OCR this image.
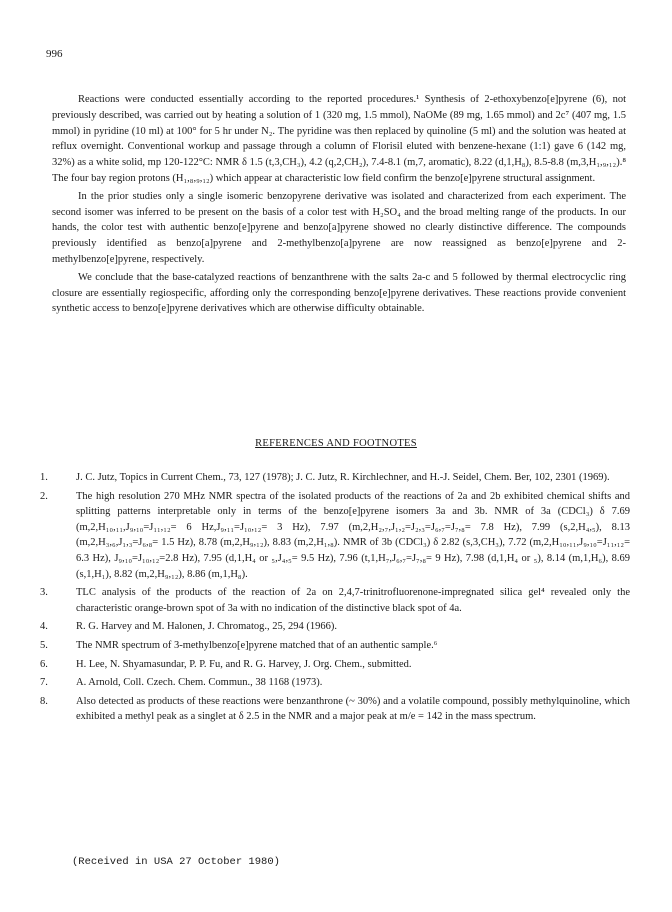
996

Reactions were conducted essentially according to the reported procedures.¹ Synthesis of 2-ethoxybenzo[e]pyrene (6), not previously described, was carried out by heating a solution of 1 (320 mg, 1.5 mmol), NaOMe (89 mg, 1.65 mmol) and 2c⁷ (407 mg, 1.5 mmol) in pyridine (10 ml) at 100° for 5 hr under N₂. The pyridine was then replaced by quinoline (5 ml) and the solution was heated at reflux overnight. Conventional workup and passage through a column of Florisil eluted with benzene-hexane (1:1) gave 6 (142 mg, 32%) as a white solid, mp 120-122°C: NMR δ 1.5 (t,3,CH₃), 4.2 (q,2,CH₂), 7.4-8.1 (m,7, aromatic), 8.22 (d,1,H₈), 8.5-8.8 (m,3,H₁,₉,₁₂).⁸ The four bay region protons (H₁,₈,₉,₁₂) which appear at characteristic low field confirm the benzo[e]pyrene structural assignment.

In the prior studies only a single isomeric benzopyrene derivative was isolated and characterized from each experiment. The second isomer was inferred to be present on the basis of a color test with H₂SO₄ and the broad melting range of the products. In our hands, the color test with authentic benzo[e]pyrene and benzo[a]pyrene showed no clearly distinctive difference. The compounds previously identified as benzo[a]pyrene and 2-methylbenzo[a]pyrene are now reassigned as benzo[e]pyrene and 2-methylbenzo[e]pyrene, respectively.

We conclude that the base-catalyzed reactions of benzanthrene with the salts 2a-c and 5 followed by thermal electrocyclic ring closure are essentially regiospecific, affording only the corresponding benzo[e]pyrene derivatives. These reactions provide convenient synthetic access to benzo[e]pyrene derivatives which are otherwise difficulty obtainable.

REFERENCES AND FOOTNOTES
1.	J. C. Jutz, Topics in Current Chem., 73, 127 (1978); J. C. Jutz, R. Kirchlechner, and H.-J. Seidel, Chem. Ber, 102, 2301 (1969).
2.	The high resolution 270 MHz NMR spectra of the isolated products of the reactions of 2a and 2b exhibited chemical shifts and splitting patterns interpretable only in terms of the benzo[e]pyrene isomers 3a and 3b. NMR of 3a (CDCl₃) δ 7.69 (m,2,H₁₀,₁₁,J₉,₁₀=J₁₁,₁₂= 6 Hz,J₉,₁₁=J₁₀,₁₂= 3 Hz), 7.97 (m,2,H₂,₇,J₁,₂=J₂,₃=J₆,₇=J₇,₈= 7.8 Hz), 7.99 (s,2,H₄,₅), 8.13 (m,2,H₃,₆,J₁,₃=J₆,₈= 1.5 Hz), 8.78 (m,2,H₉,₁₂), 8.83 (m,2,H₁,₈). NMR of 3b (CDCl₃) δ 2.82 (s,3,CH₃), 7.72 (m,2,H₁₀,₁₁,J₉,₁₀=J₁₁,₁₂= 6.3 Hz), J₉,₁₀=J₁₀,₁₂=2.8 Hz), 7.95 (d,1,H₄ or ₅,J₄,₅= 9.5 Hz), 7.96 (t,1,H₇,J₆,₇=J₇,₈= 9 Hz), 7.98 (d,1,H₄ or ₅), 8.14 (m,1,H₆), 8.69 (s,1,H₁), 8.82 (m,2,H₉,₁₂), 8.86 (m,1,H₈).
3.	TLC analysis of the products of the reaction of 2a on 2,4,7-trinitrofluorenone-impregnated silica gel⁴ revealed only the characteristic orange-brown spot of 3a with no indication of the distinctive black spot of 4a.
4.	R. G. Harvey and M. Halonen, J. Chromatog., 25, 294 (1966).
5.	The NMR spectrum of 3-methylbenzo[e]pyrene matched that of an authentic sample.⁶
6.	H. Lee, N. Shyamasundar, P. P. Fu, and R. G. Harvey, J. Org. Chem., submitted.
7.	A. Arnold, Coll. Czech. Chem. Commun., 38 1168 (1973).
8.	Also detected as products of these reactions were benzanthrone (~ 30%) and a volatile compound, possibly methylquinoline, which exhibited a methyl peak as a singlet at δ 2.5 in the NMR and a major peak at m/e = 142 in the mass spectrum.
(Received in USA 27 October 1980)
